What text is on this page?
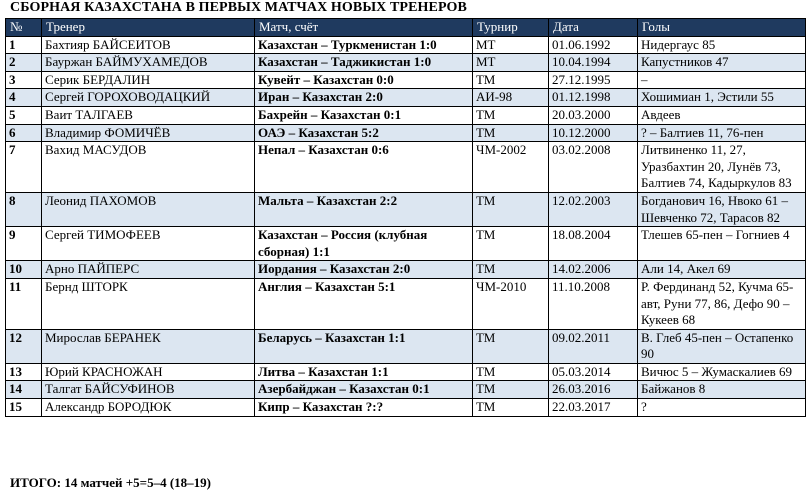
СБОРНАЯ КАЗАХСТАНА В ПЕРВЫХ МАТЧАХ НОВЫХ ТРЕНЕРОВ
№	Тренер	Матч, счёт	Турнир	Дата	Голы
1	Бахтияр БАЙСЕИТОВ	Казахстан – Туркменистан 1:0	МТ	01.06.1992	Нидергаус 85
2	Бауржан БАЙМУХАМЕДОВ	Казахстан – Таджикистан 1:0	МТ	10.04.1994	Капустников 47
3	Серик БЕРДАЛИН	Кувейт – Казахстан 0:0	ТМ	27.12.1995	–
4	Сергей ГОРОХОВОДАЦКИЙ	Иран – Казахстан 2:0	АИ-98	01.12.1998	Хошимиан 1, Эстили 55
5	Ваит ТАЛГАЕВ	Бахрейн – Казахстан 0:1	ТМ	20.03.2000	Авдеев
6	Владимир ФОМИЧЁВ	ОАЭ – Казахстан 5:2	ТМ	10.12.2000	? – Балтиев 11, 76-пен
7	Вахид МАСУДОВ	Непал – Казахстан 0:6	ЧМ-2002	03.02.2008	Литвиненко 11, 27, Уразбахтин 20, Лунёв 73, Балтиев 74, Кадыркулов 83
8	Леонид ПАХОМОВ	Мальта – Казахстан 2:2	ТМ	12.02.2003	Богданович 16, Нвоко 61 – Шевченко 72, Тарасов 82
9	Сергей ТИМОФЕЕВ	Казахстан – Россия (клубная сборная) 1:1	ТМ	18.08.2004	Тлешев 65-пен – Гогниев 4
10	Арно ПАЙПЕРС	Иордания – Казахстан 2:0	ТМ	14.02.2006	Али 14, Акел 69
11	Бернд ШТОРК	Англия – Казахстан 5:1	ЧМ-2010	11.10.2008	Р. Фердинанд 52, Кучма 65-авт, Руни 77, 86, Дефо 90 – Кукеев 68
12	Мирослав БЕРАНЕК	Беларусь – Казахстан 1:1	ТМ	09.02.2011	В. Глеб 45-пен – Остапенко 90
13	Юрий КРАСНОЖАН	Литва – Казахстан 1:1	ТМ	05.03.2014	Вичюс 5 – Жумаскалиев 69
14	Талгат БАЙСУФИНОВ	Азербайджан – Казахстан 0:1	ТМ	26.03.2016	Байжанов 8
15	Александр БОРОДЮК	Кипр – Казахстан ?:?	ТМ	22.03.2017	?
ИТОГО: 14 матчей +5=5–4 (18–19)
